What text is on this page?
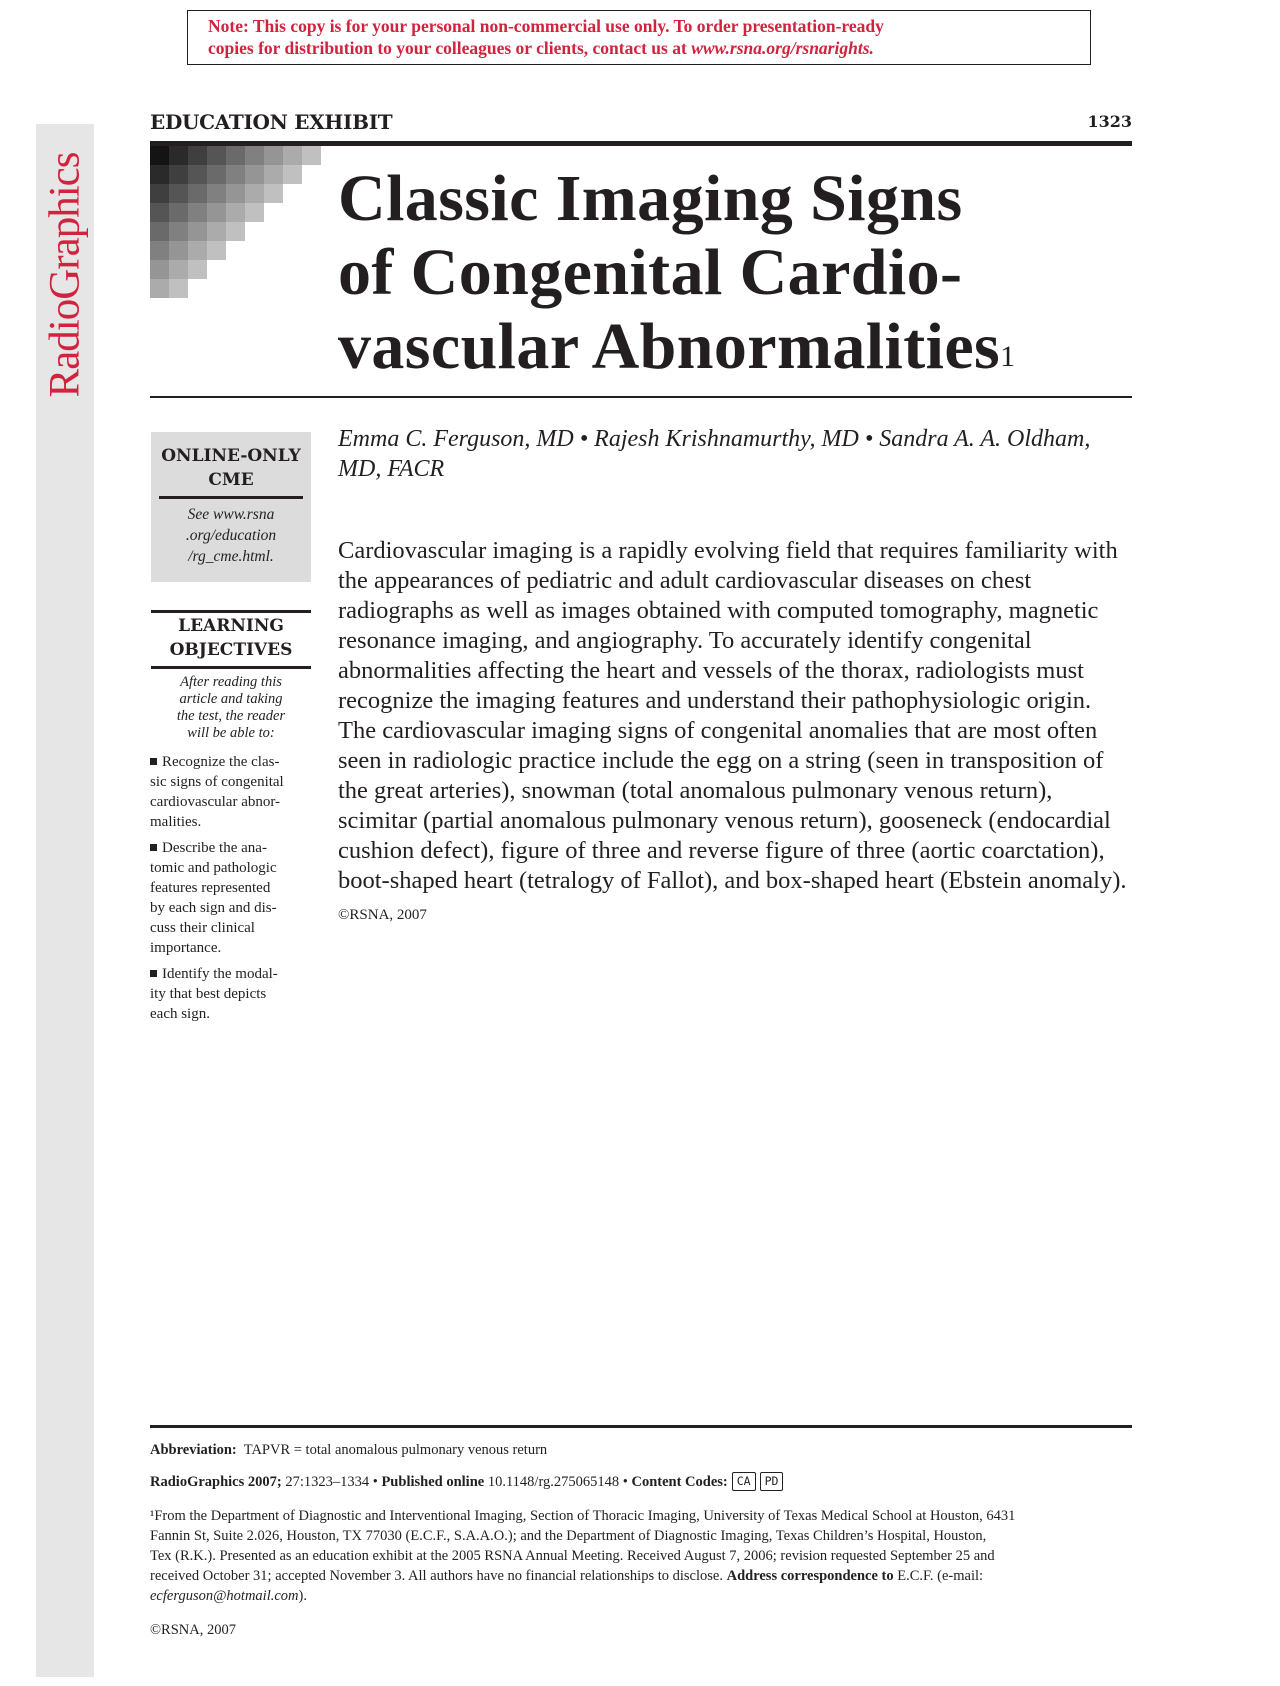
Note: This copy is for your personal non-commercial use only. To order presentation-ready
copies for distribution to your colleagues or clients, contact us at www.rsna.org/rsnarights.
RadioGraphics
EDUCATION EXHIBIT	1323
Classic Imaging Signs
of Congenital Cardio-
vascular Abnormalities$^1$
Emma C. Ferguson, MD • Rajesh Krishnamurthy, MD • Sandra A. A. Oldham, MD, FACR

Cardiovascular imaging is a rapidly evolving field that requires familiarity with the appearances of pediatric and adult cardiovascular diseases on chest radiographs as well as images obtained with computed tomography, magnetic resonance imaging, and angiography. To accurately identify congenital abnormalities affecting the heart and vessels of the thorax, radiologists must recognize the imaging features and understand their pathophysiologic origin. The cardiovascular imaging signs of congenital anomalies that are most often seen in radiologic practice include the egg on a string (seen in transposition of the great arteries), snowman (total anomalous pulmonary venous return), scimitar (partial anomalous pulmonary venous return), gooseneck (endocardial cushion defect), figure of three and reverse figure of three (aortic coarctation), boot-shaped heart (tetralogy of Fallot), and box-shaped heart (Ebstein anomaly).

©RSNA, 2007

ONLINE-ONLY CME
See www.rsna
.org/education
/rg_cme.html.
LEARNING OBJECTIVES
After reading this
article and taking
the test, the reader
will be able to:
Recognize the clas-
sic signs of congenital
cardiovascular abnor-
malities.
Describe the ana-
tomic and pathologic
features represented
by each sign and dis-
cuss their clinical
importance.
Identify the modal-
ity that best depicts
each sign.

Abbreviation: TAPVR = total anomalous pulmonary venous return

RadioGraphics 2007; 27:1323–1334 • Published online 10.1148/rg.275065148 • Content Codes: CA PD

¹From the Department of Diagnostic and Interventional Imaging, Section of Thoracic Imaging, University of Texas Medical School at Houston, 6431
Fannin St, Suite 2.026, Houston, TX 77030 (E.C.F., S.A.A.O.); and the Department of Diagnostic Imaging, Texas Children’s Hospital, Houston,
Tex (R.K.). Presented as an education exhibit at the 2005 RSNA Annual Meeting. Received August 7, 2006; revision requested September 25 and
received October 31; accepted November 3. All authors have no financial relationships to disclose. Address correspondence to E.C.F. (e-mail:
ecferguson@hotmail.com).

©RSNA, 2007
